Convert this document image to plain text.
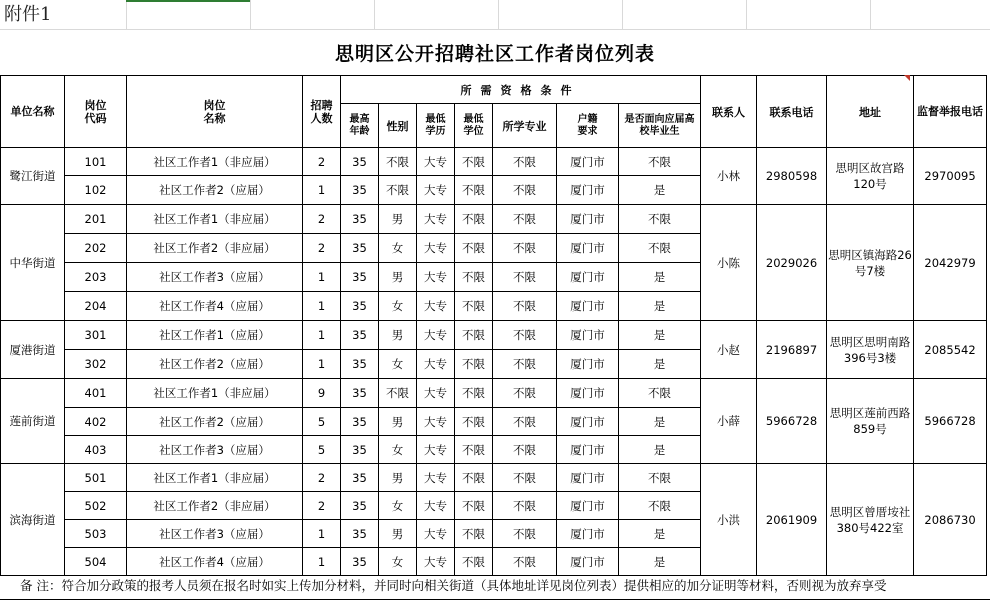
附件1
思明区公开招聘社区工作者岗位列表
单位名称	岗位代码	岗位名称	招聘人数	所需资格条件							联系人	联系电话	地址	监督举报电话
				最高年龄	性别	最低学历	最低学位	所学专业	户籍要求	是否面向应届高校毕业生				
鹭江街道	101	社区工作者1（非应届）	2	35	不限	大专	不限	不限	厦门市	不限	小林	2980598	思明区故宫路120号	2970095
	102	社区工作者2（应届）	1	35	不限	大专	不限	不限	厦门市	是				
中华街道	201	社区工作者1（非应届）	2	35	男	大专	不限	不限	厦门市	不限	小陈	2029026	思明区镇海路26号7楼	2042979
	202	社区工作者2（非应届）	2	35	女	大专	不限	不限	厦门市	不限				
	203	社区工作者3（应届）	1	35	男	大专	不限	不限	厦门市	是				
	204	社区工作者4（应届）	1	35	女	大专	不限	不限	厦门市	是				
厦港街道	301	社区工作者1（应届）	1	35	男	大专	不限	不限	厦门市	是	小赵	2196897	思明区思明南路396号3楼	2085542
	302	社区工作者2（应届）	1	35	女	大专	不限	不限	厦门市	是				
莲前街道	401	社区工作者1（非应届）	9	35	不限	大专	不限	不限	厦门市	不限	小薛	5966728	思明区莲前西路859号	5966728
	402	社区工作者2（应届）	5	35	男	大专	不限	不限	厦门市	是				
	403	社区工作者3（应届）	5	35	女	大专	不限	不限	厦门市	是				
滨海街道	501	社区工作者1（非应届）	2	35	男	大专	不限	不限	厦门市	不限	小洪	2061909	思明区曾厝垵社380号422室	2086730
	502	社区工作者2（非应届）	2	35	女	大专	不限	不限	厦门市	不限				
	503	社区工作者3（应届）	1	35	男	大专	不限	不限	厦门市	是				
	504	社区工作者4（应届）	1	35	女	大专	不限	不限	厦门市	是				
备 注：符合加分政策的报考人员须在报名时如实上传加分材料，并同时向相关街道（具体地址详见岗位列表）提供相应的加分证明等材料，否则视为放弃享受
